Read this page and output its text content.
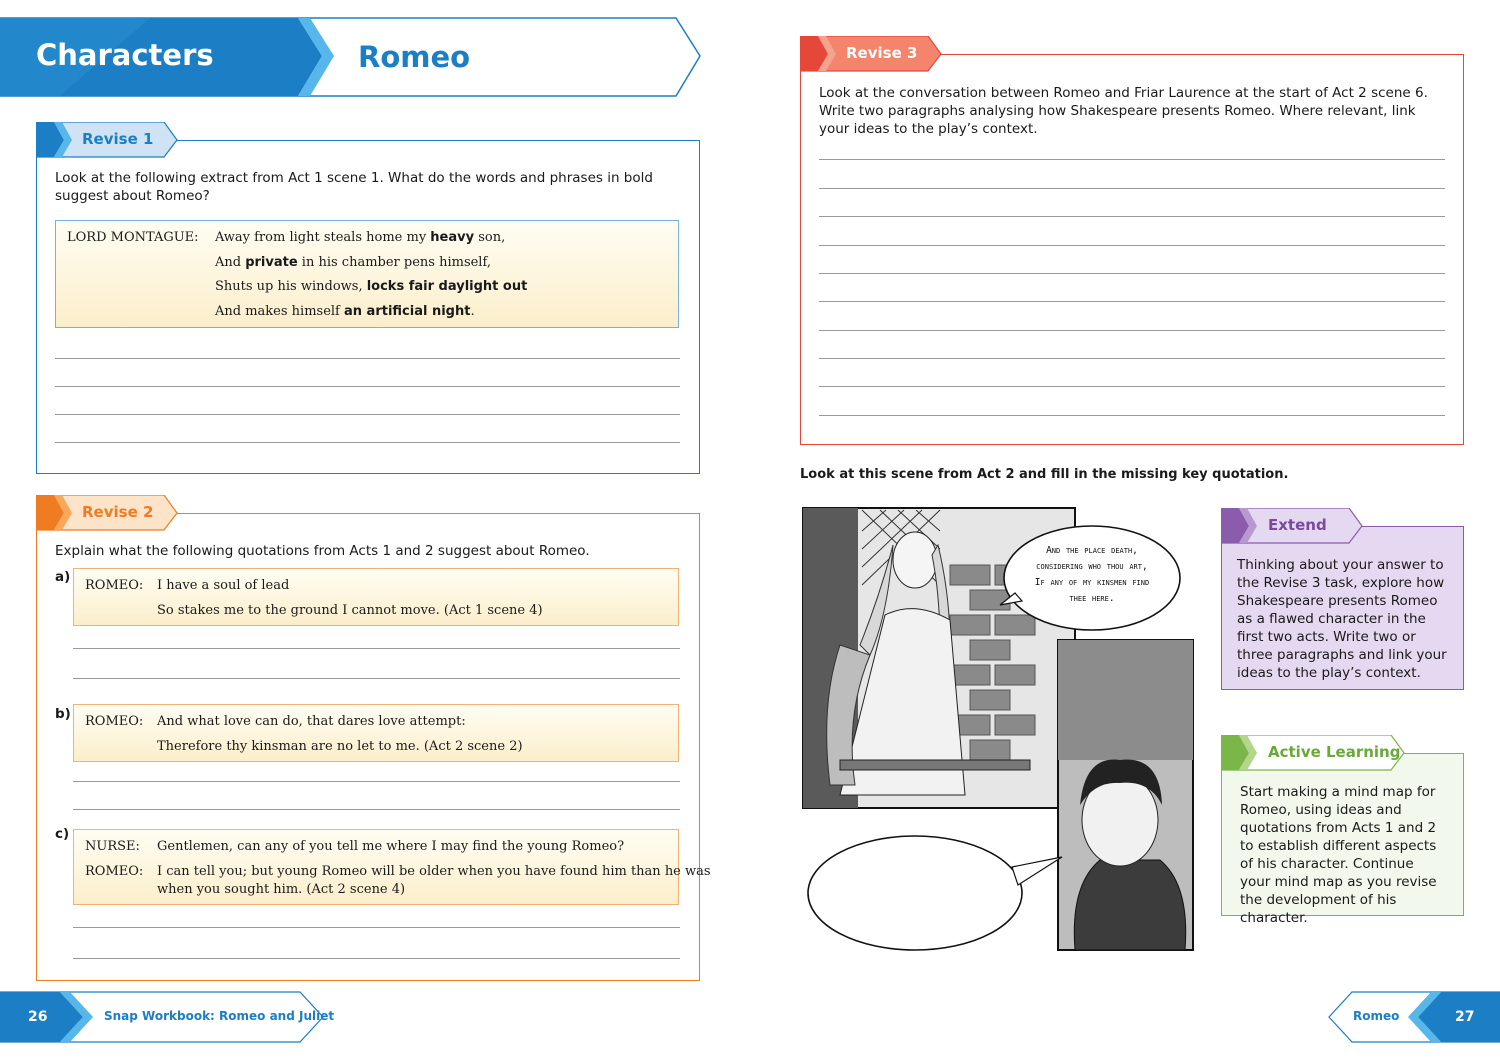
Characters	Romeo
Revise 1
Look at the following extract from Act 1 scene 1. What do the words and phrases in bold suggest about Romeo?
LORD MONTAGUE: Away from light steals home my heavy son,
And private in his chamber pens himself,
Shuts up his windows, locks fair daylight out
And makes himself an artificial night.
Revise 2
Explain what the following quotations from Acts 1 and 2 suggest about Romeo.
a)
ROMEO: I have a soul of lead
So stakes me to the ground I cannot move. (Act 1 scene 4)
b) ROMEO: And what love can do, that dares love attempt:
Therefore thy kinsman are no let to me. (Act 2 scene 2)
c)
NURSE: Gentlemen, can any of you tell me where I may find the young Romeo?
ROMEO: I can tell you; but young Romeo will be older when you have found him than he was
when you sought him. (Act 2 scene 4)
Revise 3
Look at the conversation between Romeo and Friar Laurence at the start of Act 2 scene 6. Write two paragraphs analysing how Shakespeare presents Romeo. Where relevant, link your ideas to the play’s context.
Look at this scene from Act 2 and fill in the missing key quotation.
And the place death,
considering who thou art,
If any of my kinsmen find
thee here.
Extend
Thinking about your answer to the Revise 3 task, explore how Shakespeare presents Romeo as a flawed character in the first two acts. Write two or three paragraphs and link your ideas to the play’s context.
Active Learning
Start making a mind map for Romeo, using ideas and quotations from Acts 1 and 2 to establish different aspects of his character. Continue your mind map as you revise the development of his character.
26	Snap Workbook: Romeo and Juliet	Romeo	27
